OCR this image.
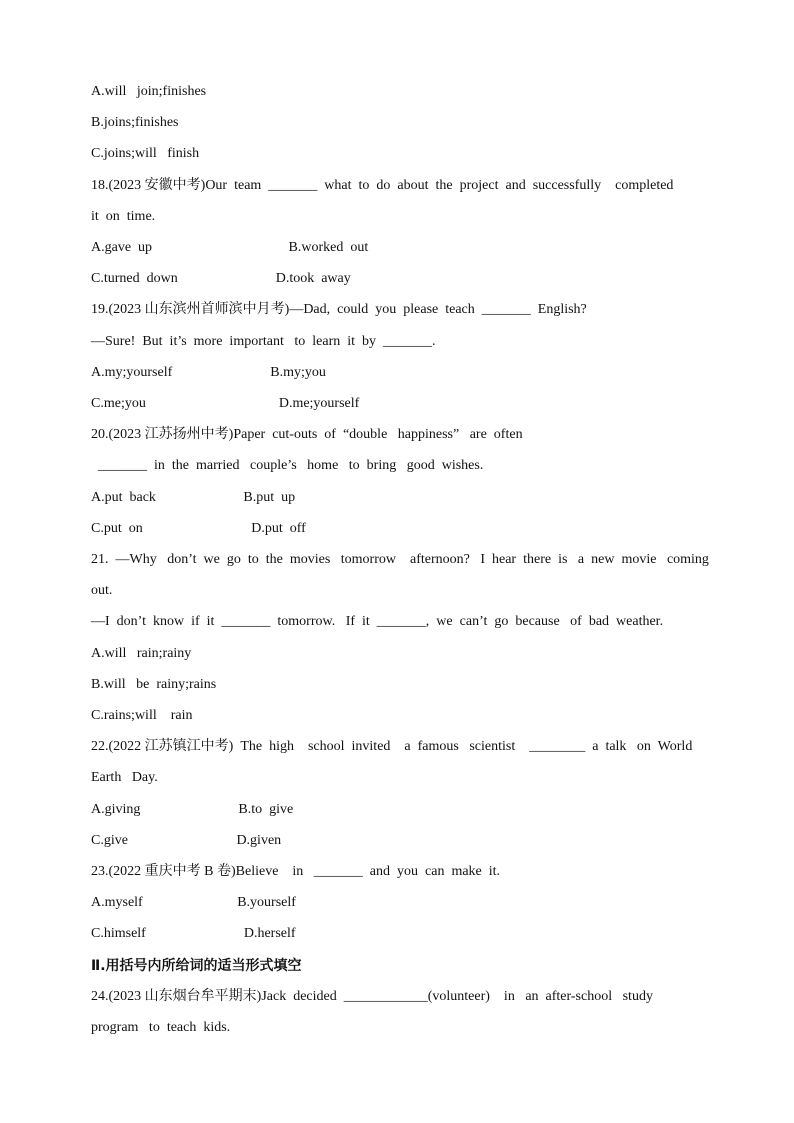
A.will   join;finishes
B.joins;finishes
C.joins;will   finish
18.(2023 安徽中考)Our  team  _______  what  to  do  about  the  project  and  successfully    completed
it  on  time.
A.gave  up                                       B.worked  out
C.turned  down                            D.took  away
19.(2023 山东滨州首师滨中月考)—Dad,  could  you  please  teach  _______  English?
—Sure!  But  it’s  more  important   to  learn  it  by  _______.
A.my;yourself                            B.my;you
C.me;you                                      D.me;yourself
20.(2023 江苏扬州中考)Paper  cut-outs  of  “double   happiness”   are  often
_______  in  the  married   couple’s   home   to  bring   good  wishes.
A.put  back                         B.put  up
C.put  on                               D.put  off
21.  —Why   don’t  we  go  to  the  movies   tomorrow    afternoon?   I  hear  there  is   a  new  movie   coming
out.
—I  don’t  know  if  it  _______  tomorrow.   If  it  _______,  we  can’t  go  because   of  bad  weather.
A.will   rain;rainy
B.will   be  rainy;rains
C.rains;will    rain
22.(2022 江苏镇江中考)  The  high    school  invited    a  famous   scientist    ________  a  talk   on  World
Earth   Day.
A.giving                            B.to  give
C.give                               D.given
23.(2022 重庆中考 B 卷)Believe    in   _______  and  you  can  make  it.
A.myself                           B.yourself
C.himself                            D.herself
Ⅱ.用括号内所给词的适当形式填空
24.(2023 山东烟台牟平期末)Jack  decided  ____________(volunteer)    in   an  after-school   study
program   to  teach  kids.
